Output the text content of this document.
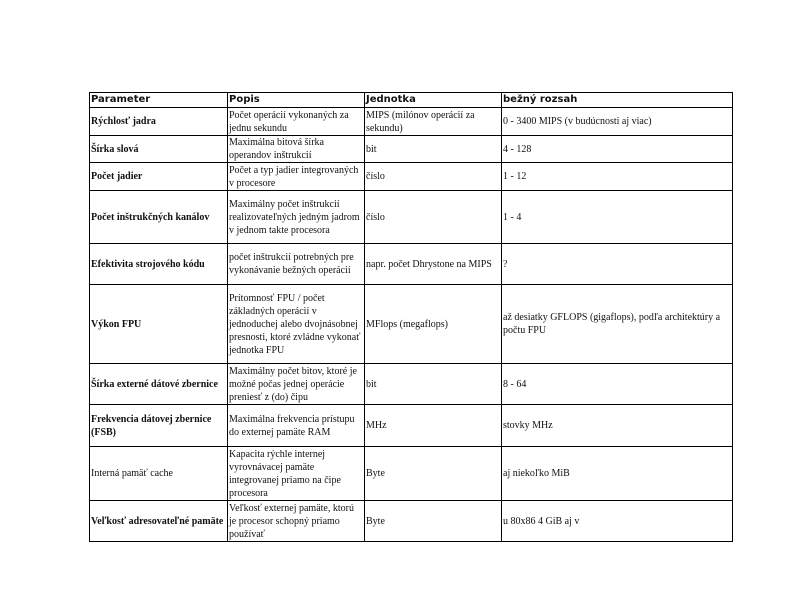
Parameter	Popis	Jednotka	bežný rozsah
Rýchlosť jadra	Počet operácií vykonaných za jednu sekundu	MIPS (milónov operácií za sekundu)	0 - 3400 MIPS (v budúcnosti aj viac)
Šírka slová	Maximálna bitová šírka operandov inštrukcií	bit	4 - 128
Počet jadier	Počet a typ jadier integrovaných v procesore	číslo	1 - 12
Počet inštrukčných kanálov	Maximálny počet inštrukcií realizovateľných jedným jadrom v jednom takte procesora	číslo	1 - 4
Efektivita strojového kódu	počet inštrukcií potrebných pre vykonávanie bežných operácií	napr. počet Dhrystone na MIPS	?
Výkon FPU	Prítomnosť FPU / počet základných operácií v jednoduchej alebo dvojnásobnej presnosti, ktoré zvládne vykonať jednotka FPU	MFlops (megaflops)	až desiatky GFLOPS (gigaflops), podľa architektúry a počtu FPU
Šírka externé dátové zbernice	Maximálny počet bitov, ktoré je možné počas jednej operácie preniesť z (do) čipu	bit	8 - 64
Frekvencia dátovej zbernice (FSB)	Maximálna frekvencia prístupu do externej pamäte RAM	MHz	stovky MHz
Interná pamäť cache	Kapacita rýchle internej vyrovnávacej pamäte integrovanej priamo na čipe procesora	Byte	aj niekoľko MiB
Veľkosť adresovateľné pamäte	Veľkosť externej pamäte, ktorú je procesor schopný priamo používať	Byte	u 80x86 4 GiB aj v
